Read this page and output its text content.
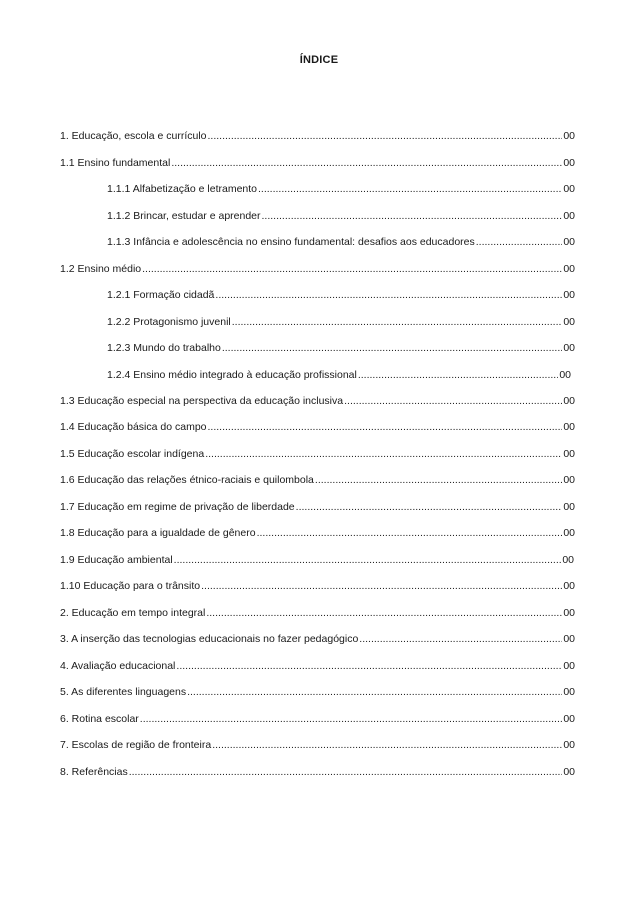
ÍNDICE
1. Educação, escola e currículo .....	00
1.1 Ensino fundamental .....	00
1.1.1 Alfabetização e letramento .....	00
1.1.2 Brincar, estudar e aprender .....	00
1.1.3 Infância e adolescência no ensino fundamental: desafios aos educadores .....	00
1.2 Ensino médio .....	00
1.2.1 Formação cidadã .....	00
1.2.2 Protagonismo juvenil .....	00
1.2.3 Mundo do trabalho .....	00
1.2.4 Ensino médio integrado à educação profissional .....	00
1.3 Educação especial na perspectiva da educação inclusiva .....	00
1.4 Educação básica do campo .....	00
1.5 Educação escolar indígena .....	00
1.6 Educação das relações étnico-raciais e quilombola .....	00
1.7 Educação em regime de privação de liberdade .....	00
1.8 Educação para a igualdade de gênero .....	00
1.9 Educação ambiental .....	00
1.10 Educação para o trânsito .....	00
2. Educação em tempo integral .....	00
3. A inserção das tecnologias educacionais no fazer pedagógico .....	00
4. Avaliação educacional .....	00
5. As diferentes linguagens .....	00
6. Rotina escolar .....	00
7. Escolas de região de fronteira .....	00
8. Referências .....	00
